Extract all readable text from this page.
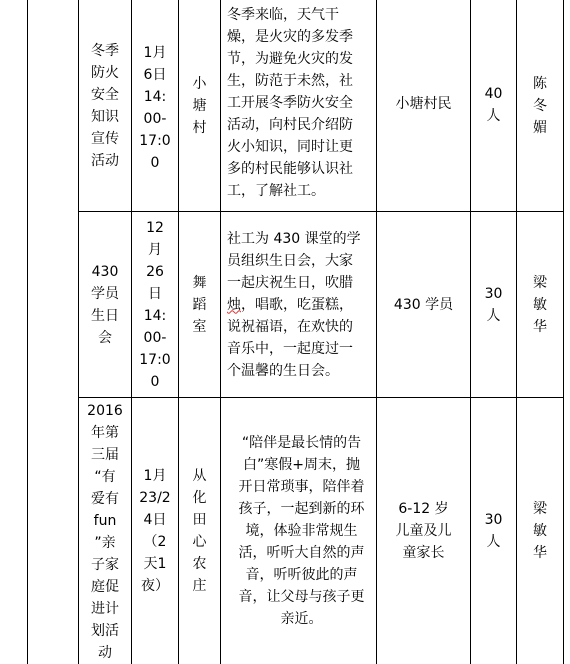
冬季
防火
安全
知识
宣传
活动
1月
6日
14:
00-
17:0
0
小
塘
村
冬季来临，天气干
燥，是火灾的多发季
节，为避免火灾的发
生，防范于未然，社
工开展冬季防火安全
活动，向村民介绍防
火小知识，同时让更
多的村民能够认识社
工，了解社工。
小塘村民
40
人
陈
冬
媚
430
学员
生日
会
12
月
26
日
14:
00-
17:0
0
舞
蹈
室
社工为 430 课堂的学
员组织生日会，大家
一起庆祝生日，吹腊
烛，唱歌，吃蛋糕，
说祝福语，在欢快的
音乐中，一起度过一
个温馨的生日会。
430 学员
30
人
梁
敏
华
2016
年第
三届
“有
爱有
fun
”亲
子家
庭促
进计
划活
动
1月
23/2
4日
（2
天1
夜）
从
化
田
心
农
庄
“陪伴是最长情的告
白”寒假+周末，抛
开日常琐事，陪伴着
孩子，一起到新的环
境，体验非常规生
活，听听大自然的声
音，听听彼此的声
音，让父母与孩子更
亲近。
6-12 岁
儿童及儿
童家长
30
人
梁
敏
华
